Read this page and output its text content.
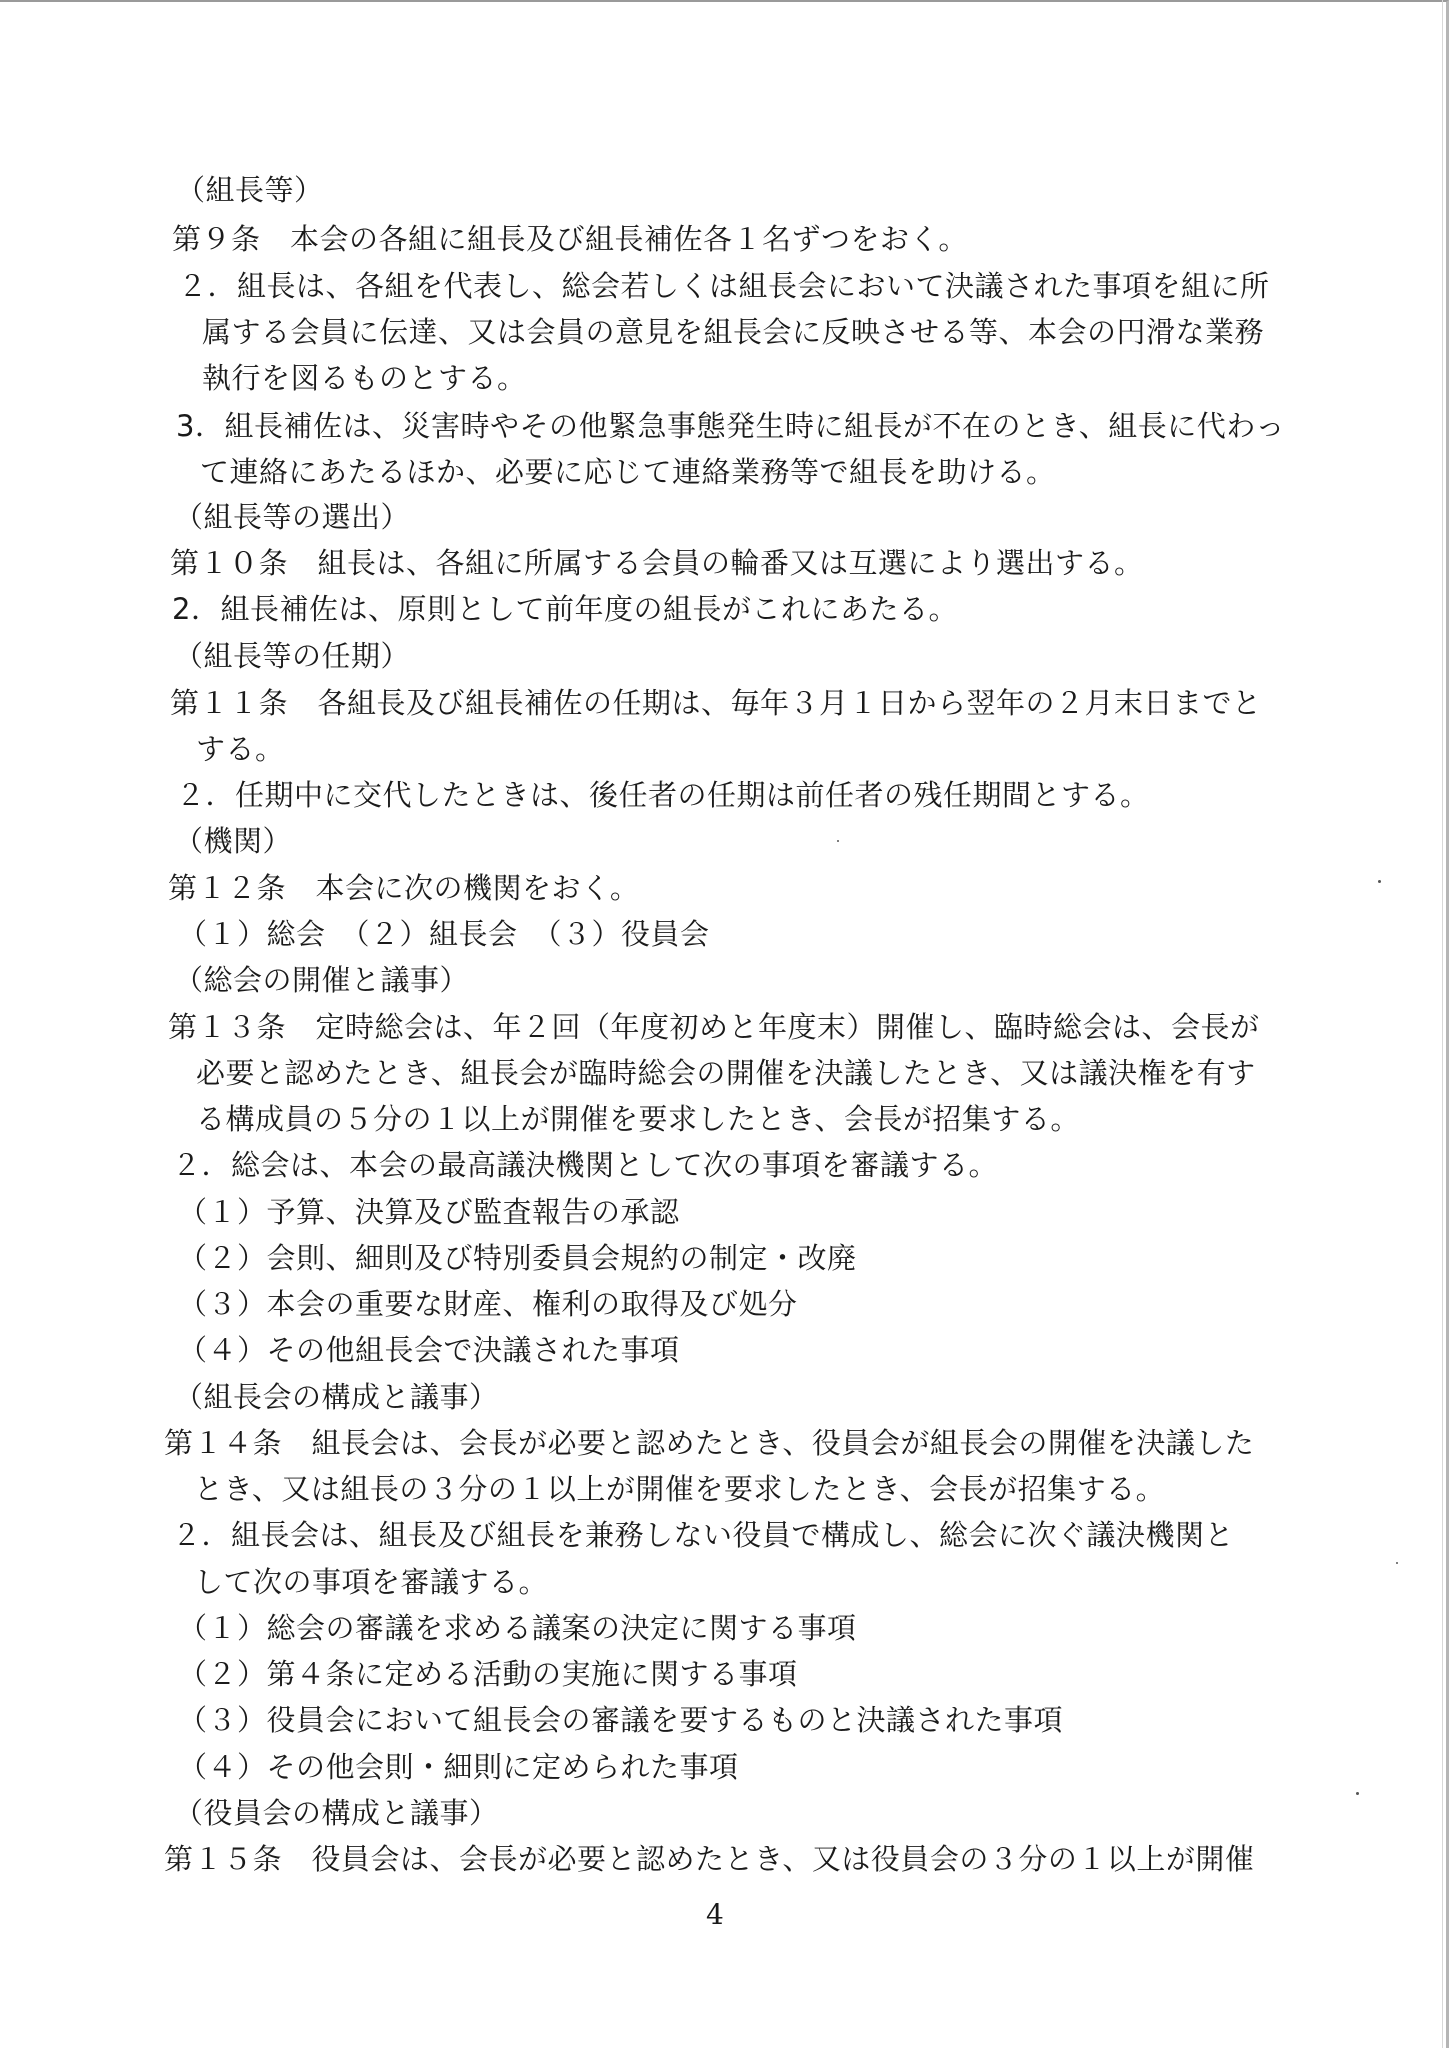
（組長等）
第９条　本会の各組に組長及び組長補佐各１名ずつをおく。
２．組長は、各組を代表し、総会若しくは組長会において決議された事項を組に所
属する会員に伝達、又は会員の意見を組長会に反映させる等、本会の円滑な業務
執行を図るものとする。
3．組長補佐は、災害時やその他緊急事態発生時に組長が不在のとき、組長に代わっ
て連絡にあたるほか、必要に応じて連絡業務等で組長を助ける。
（組長等の選出）
第１０条　組長は、各組に所属する会員の輪番又は互選により選出する。
2．組長補佐は、原則として前年度の組長がこれにあたる。
（組長等の任期）
第１１条　各組長及び組長補佐の任期は、毎年３月１日から翌年の２月末日までと
する。
２．任期中に交代したときは、後任者の任期は前任者の残任期間とする。
（機関）
第１２条　本会に次の機関をおく。
（１）総会　（２）組長会　（３）役員会
（総会の開催と議事）
第１３条　定時総会は、年２回（年度初めと年度末）開催し、臨時総会は、会長が
必要と認めたとき、組長会が臨時総会の開催を決議したとき、又は議決権を有す
る構成員の５分の１以上が開催を要求したとき、会長が招集する。
２．総会は、本会の最高議決機関として次の事項を審議する。
（１）予算、決算及び監査報告の承認
（２）会則、細則及び特別委員会規約の制定・改廃
（３）本会の重要な財産、権利の取得及び処分
（４）その他組長会で決議された事項
（組長会の構成と議事）
第１４条　組長会は、会長が必要と認めたとき、役員会が組長会の開催を決議した
とき、又は組長の３分の１以上が開催を要求したとき、会長が招集する。
２．組長会は、組長及び組長を兼務しない役員で構成し、総会に次ぐ議決機関と
して次の事項を審議する。
（１）総会の審議を求める議案の決定に関する事項
（２）第４条に定める活動の実施に関する事項
（３）役員会において組長会の審議を要するものと決議された事項
（４）その他会則・細則に定められた事項
（役員会の構成と議事）
第１５条　役員会は、会長が必要と認めたとき、又は役員会の３分の１以上が開催
4
